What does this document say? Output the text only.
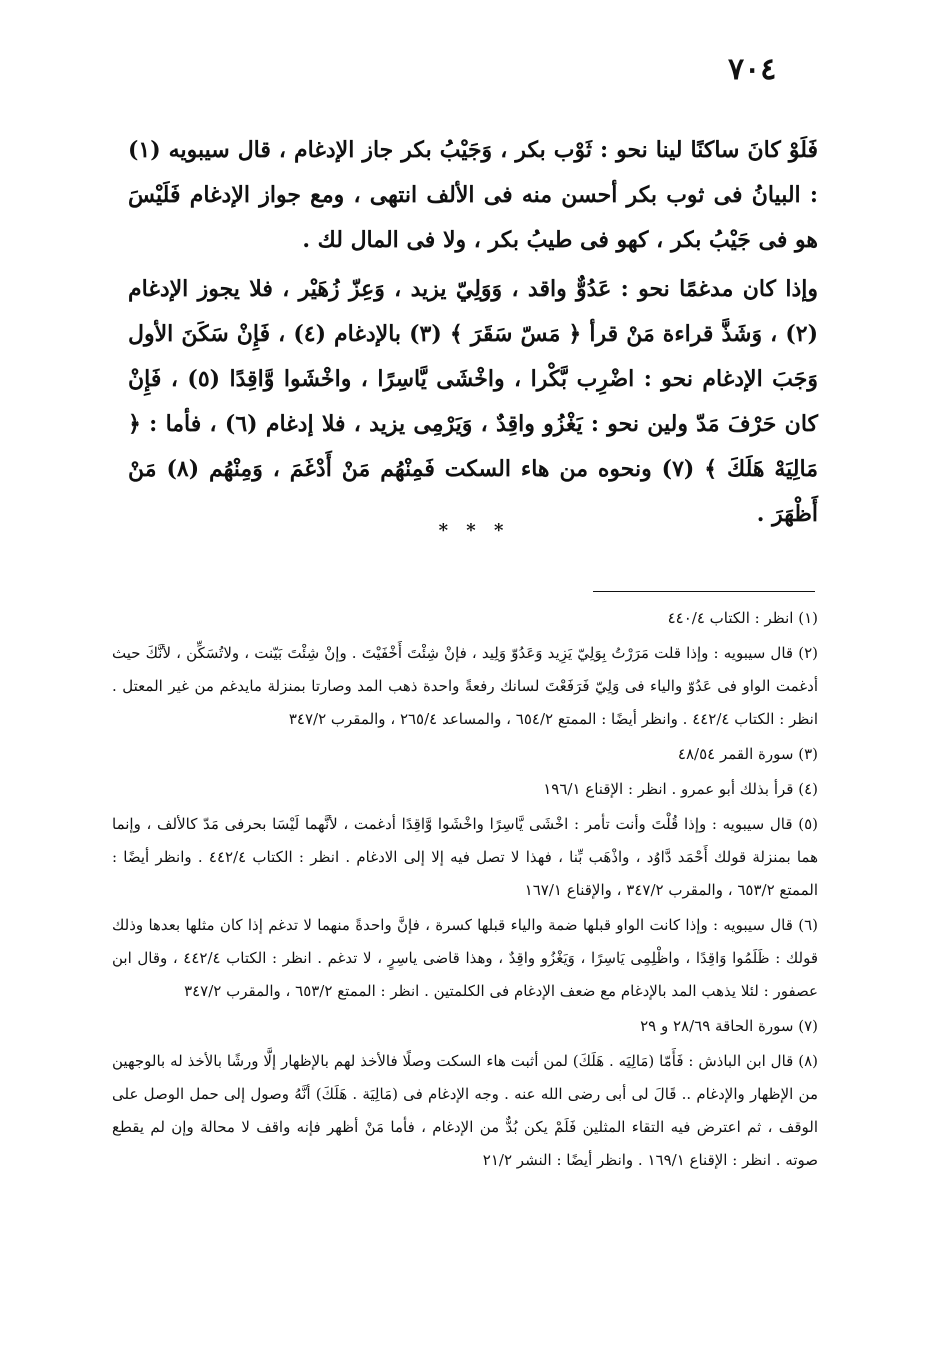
٧٠٤

فَلَوْ كانَ ساكنًا لينا نحو : ثَوْب بكر ، وَجَيْبُ بكر جاز الإدغام ، قال سيبويه (١) : البيانُ فى ثوب بكر أحسن منه فى الألف انتهى ، ومع جواز الإدغام فَلَيْسَ هو فى جَيْبُ بكر ، كهو فى طيبُ بكر ، ولا فى المال لك .

وإذا كان مدغمًا نحو : عَدُوٌّ واقد ، وَوَلِيّ يزيد ، وَعِزّ زُهَيْر ، فلا يجوز الإدغام (٢) ، وَشَذَّ قراءة مَنْ قرأ ﴿ مَسّ سَقَرَ ﴾ (٣) بالإدغام (٤) ، فَإِنْ سَكَنَ الأول وَجَبَ الإدغام نحو : اضْرِب بَّكْرا ، واخْشَى يَّاسِرًا ، واخْشَوا وَّاقِدًا (٥) ، فَإِنْ كان حَرْفَ مَدّ ولين نحو : يَغْزُو واقِدٌ ، وَيَرْمِى يزيد ، فلا إدغام (٦) ، فأما : ﴿ مَالِيَهْ هَلَكَ ﴾ (٧) ونحوه من هاء السكت فَمِنْهُم مَنْ أَدْغَمَ ، وَمِنْهُم (٨) مَنْ أَظْهَرَ .

* * *
(١) انظر : الكتاب ٤٤٠/٤
(٢) قال سيبويه : وإذا قلت مَرَرْتُ بِوَلِيّ يَزِيد وَعَدُوّ وَلِيد ، فإنْ شِئْتَ أَخْفَيْتَ . وإنْ شِئْتَ بَيّنت ، ولاتُسَكِّن ، لأنَّكَ حيث أدغمت الواو فى عَدُوّ والياء فى وَلِيّ فَرَفَعْتَ لسانك رفعةً واحدة ذهب المد وصارتا بمنزلة مايدغم من غير المعتل . انظر : الكتاب ٤٤٢/٤ . وانظر أيضًا : الممتع ٦٥٤/٢ ، والمساعد ٢٦٥/٤ ، والمقرب ٣٤٧/٢
(٣) سورة القمر ٤٨/٥٤
(٤) قرأ بذلك أبو عمرو . انظر : الإقناع ١٩٦/١
(٥) قال سيبويه : وإذا قُلْتَ وأنت تأمر : اخْشَى يَّاسِرًا واخْشَوا وَّاقِدًا أدغمت ، لأنَّهما لَيْسَا بحرفى مَدّ كالألف ، وإنما هما بمنزلة قولك أَحْمَد دَّاوُد ، واذْهَب بِّنا ، فهذا لا تصل فيه إلا إلى الادغام . انظر : الكتاب ٤٤٢/٤ . وانظر أيضًا : الممتع ٦٥٣/٢ ، والمقرب ٣٤٧/٢ ، والإقناع ١٦٧/١
(٦) قال سيبويه : وإذا كانت الواو قبلها ضمة والياء قبلها كسرة ، فإنَّ واحدةً منهما لا تدغم إذا كان مثلها بعدها وذلك قولك : ظَلَمُوا وَاقِدًا ، واظْلِمِى يَاسِرًا ، وَيَغْزُو واقِدٌ ، وهذا قاضى ياسِرٍ ، لا تدغم . انظر : الكتاب ٤٤٢/٤ ، وقال ابن عصفور : لئلا يذهب المد بالإدغام مع ضعف الإدغام فى الكلمتين . انظر : الممتع ٦٥٣/٢ ، والمقرب ٣٤٧/٢
(٧) سورة الحاقة ٢٨/٦٩ و ٢٩
(٨) قال ابن الباذش : فَأَمّا (مَالِيَه . هَلَكَ) لمن أثبت هاء السكت وصلًا فالأخذ لهم بالإظهار إلَّا ورشًا بالأخذ له بالوجهين من الإظهار والإدغام .. قَالَ لى أبى رضى الله عنه . وجه الإدغام فى (مَالِيَة . هَلَكَ) أنَّهُ وصول إلى حمل الوصل على الوقف ، ثم اعترض فيه التقاء المثلين فَلَمْ يكن بُدٌّ من الإدغام ، فأما مَنْ أظهر فإنه واقف لا محالة وإن لم يقطع صوته . انظر : الإقناع ١٦٩/١ . وانظر أيضًا : النشر ٢١/٢
